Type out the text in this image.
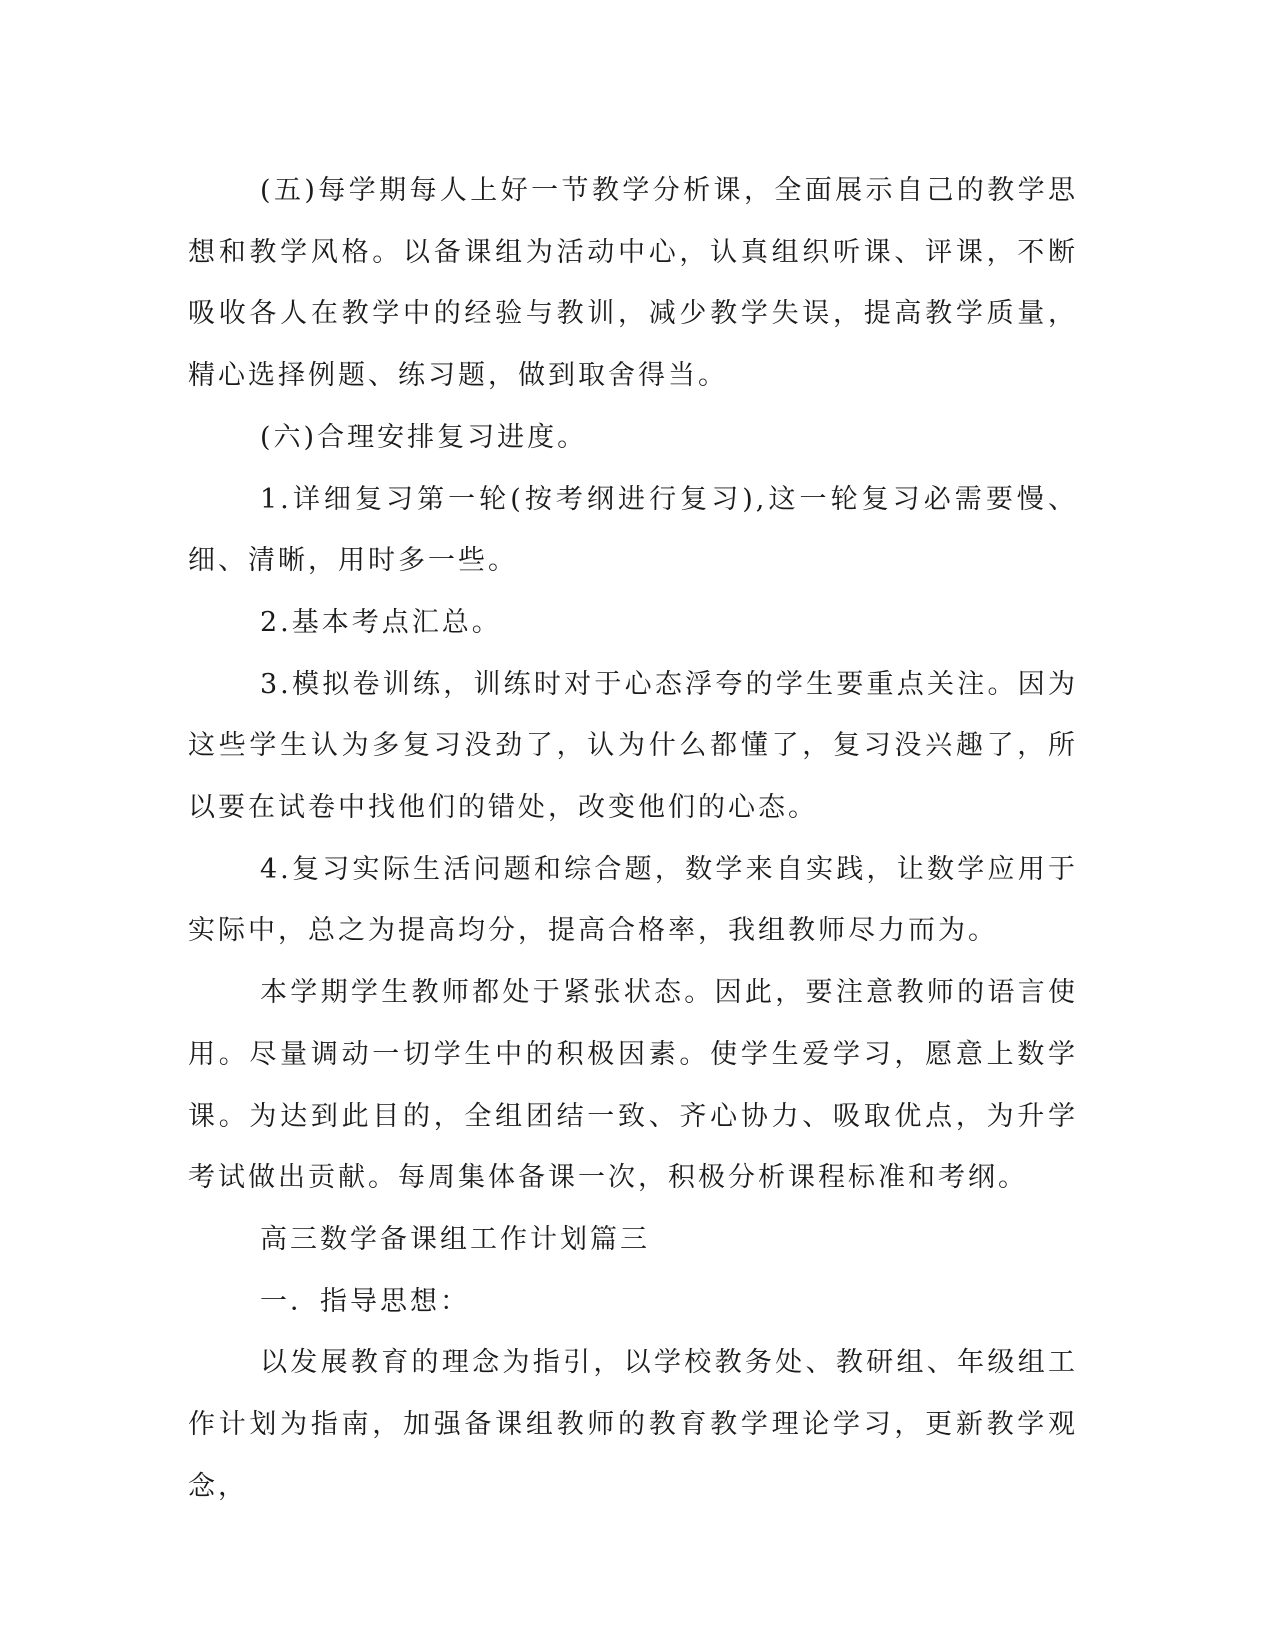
(五)每学期每人上好一节教学分析课，全面展示自己的教学思想和教学风格。以备课组为活动中心，认真组织听课、评课，不断吸收各人在教学中的经验与教训，减少教学失误，提高教学质量，精心选择例题、练习题，做到取舍得当。

(六)合理安排复习进度。

1.详细复习第一轮(按考纲进行复习),这一轮复习必需要慢、细、清晰，用时多一些。

2.基本考点汇总。

3.模拟卷训练，训练时对于心态浮夸的学生要重点关注。因为这些学生认为多复习没劲了，认为什么都懂了，复习没兴趣了，所以要在试卷中找他们的错处，改变他们的心态。

4.复习实际生活问题和综合题，数学来自实践，让数学应用于实际中，总之为提高均分，提高合格率，我组教师尽力而为。

本学期学生教师都处于紧张状态。因此，要注意教师的语言使用。尽量调动一切学生中的积极因素。使学生爱学习，愿意上数学课。为达到此目的，全组团结一致、齐心协力、吸取优点，为升学考试做出贡献。每周集体备课一次，积极分析课程标准和考纲。

高三数学备课组工作计划篇三

一．指导思想：

以发展教育的理念为指引，以学校教务处、教研组、年级组工作计划为指南，加强备课组教师的教育教学理论学习，更新教学观念，
